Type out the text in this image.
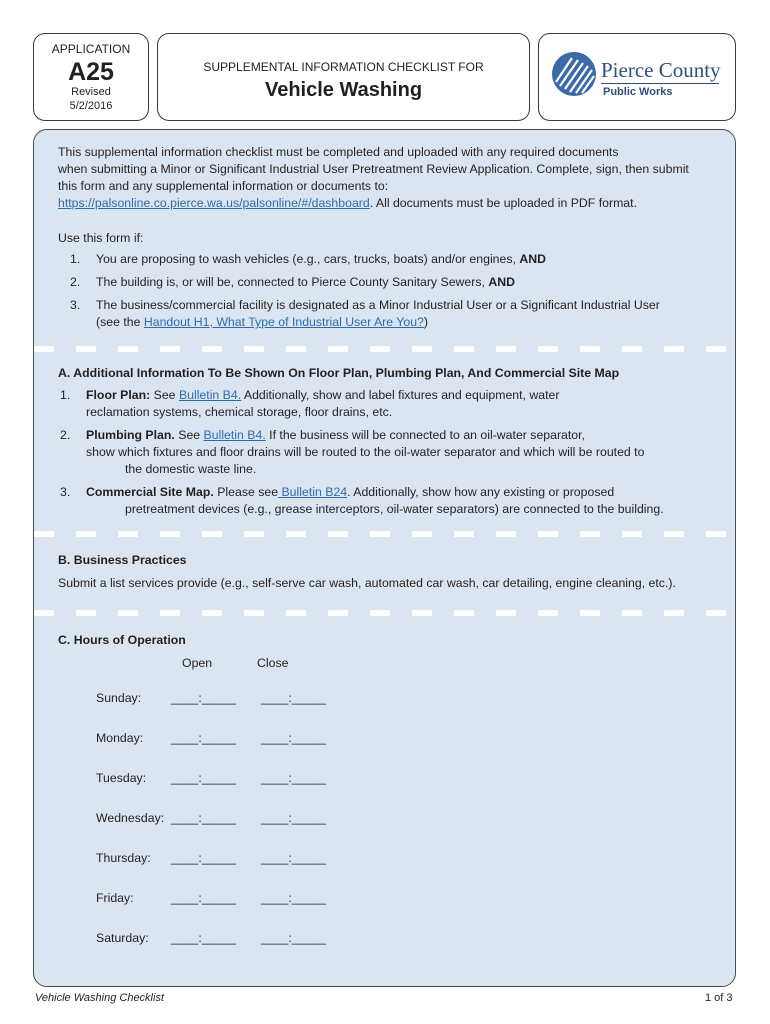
APPLICATION
A25
Revised
5/2/2016
SUPPLEMENTAL INFORMATION CHECKLIST FOR
Vehicle Washing
Pierce County
Public Works
This supplemental information checklist must be completed and uploaded with any required documents
when submitting a Minor or Significant Industrial User Pretreatment Review Application. Complete, sign, then submit
this form and any supplemental information or documents to:
https://palsonline.co.pierce.wa.us/palsonline/#/dashboard. All documents must be uploaded in PDF format.
Use this form if:
1. You are proposing to wash vehicles (e.g., cars, trucks, boats) and/or engines, AND
2. The building is, or will be, connected to Pierce County Sanitary Sewers, AND
3. The business/commercial facility is designated as a Minor Industrial User or a Significant Industrial User
(see the Handout H1, What Type of Industrial User Are You?)
A. Additional Information To Be Shown On Floor Plan, Plumbing Plan, And Commercial Site Map
1. Floor Plan: See Bulletin B4. Additionally, show and label fixtures and equipment, water
reclamation systems, chemical storage, floor drains, etc.
2. Plumbing Plan. See Bulletin B4. If the business will be connected to an oil-water separator,
show which fixtures and floor drains will be routed to the oil-water separator and which will be routed to
the domestic waste line.
3. Commercial Site Map. Please see Bulletin B24. Additionally, show how any existing or proposed
pretreatment devices (e.g., grease interceptors, oil-water separators) are connected to the building.
B. Business Practices
Submit a list services provide (e.g., self-serve car wash, automated car wash, car detailing, engine cleaning, etc.).
C. Hours of Operation
Open	Close
Sunday: ____:_____ ____:_____
Monday: ____:_____ ____:_____
Tuesday: ____:_____ ____:_____
Wednesday: ____:_____ ____:_____
Thursday: ____:_____ ____:_____
Friday:	____:_____ ____:_____
Saturday: ____:_____ ____:_____
Vehicle Washing Checklist	1 of 3
